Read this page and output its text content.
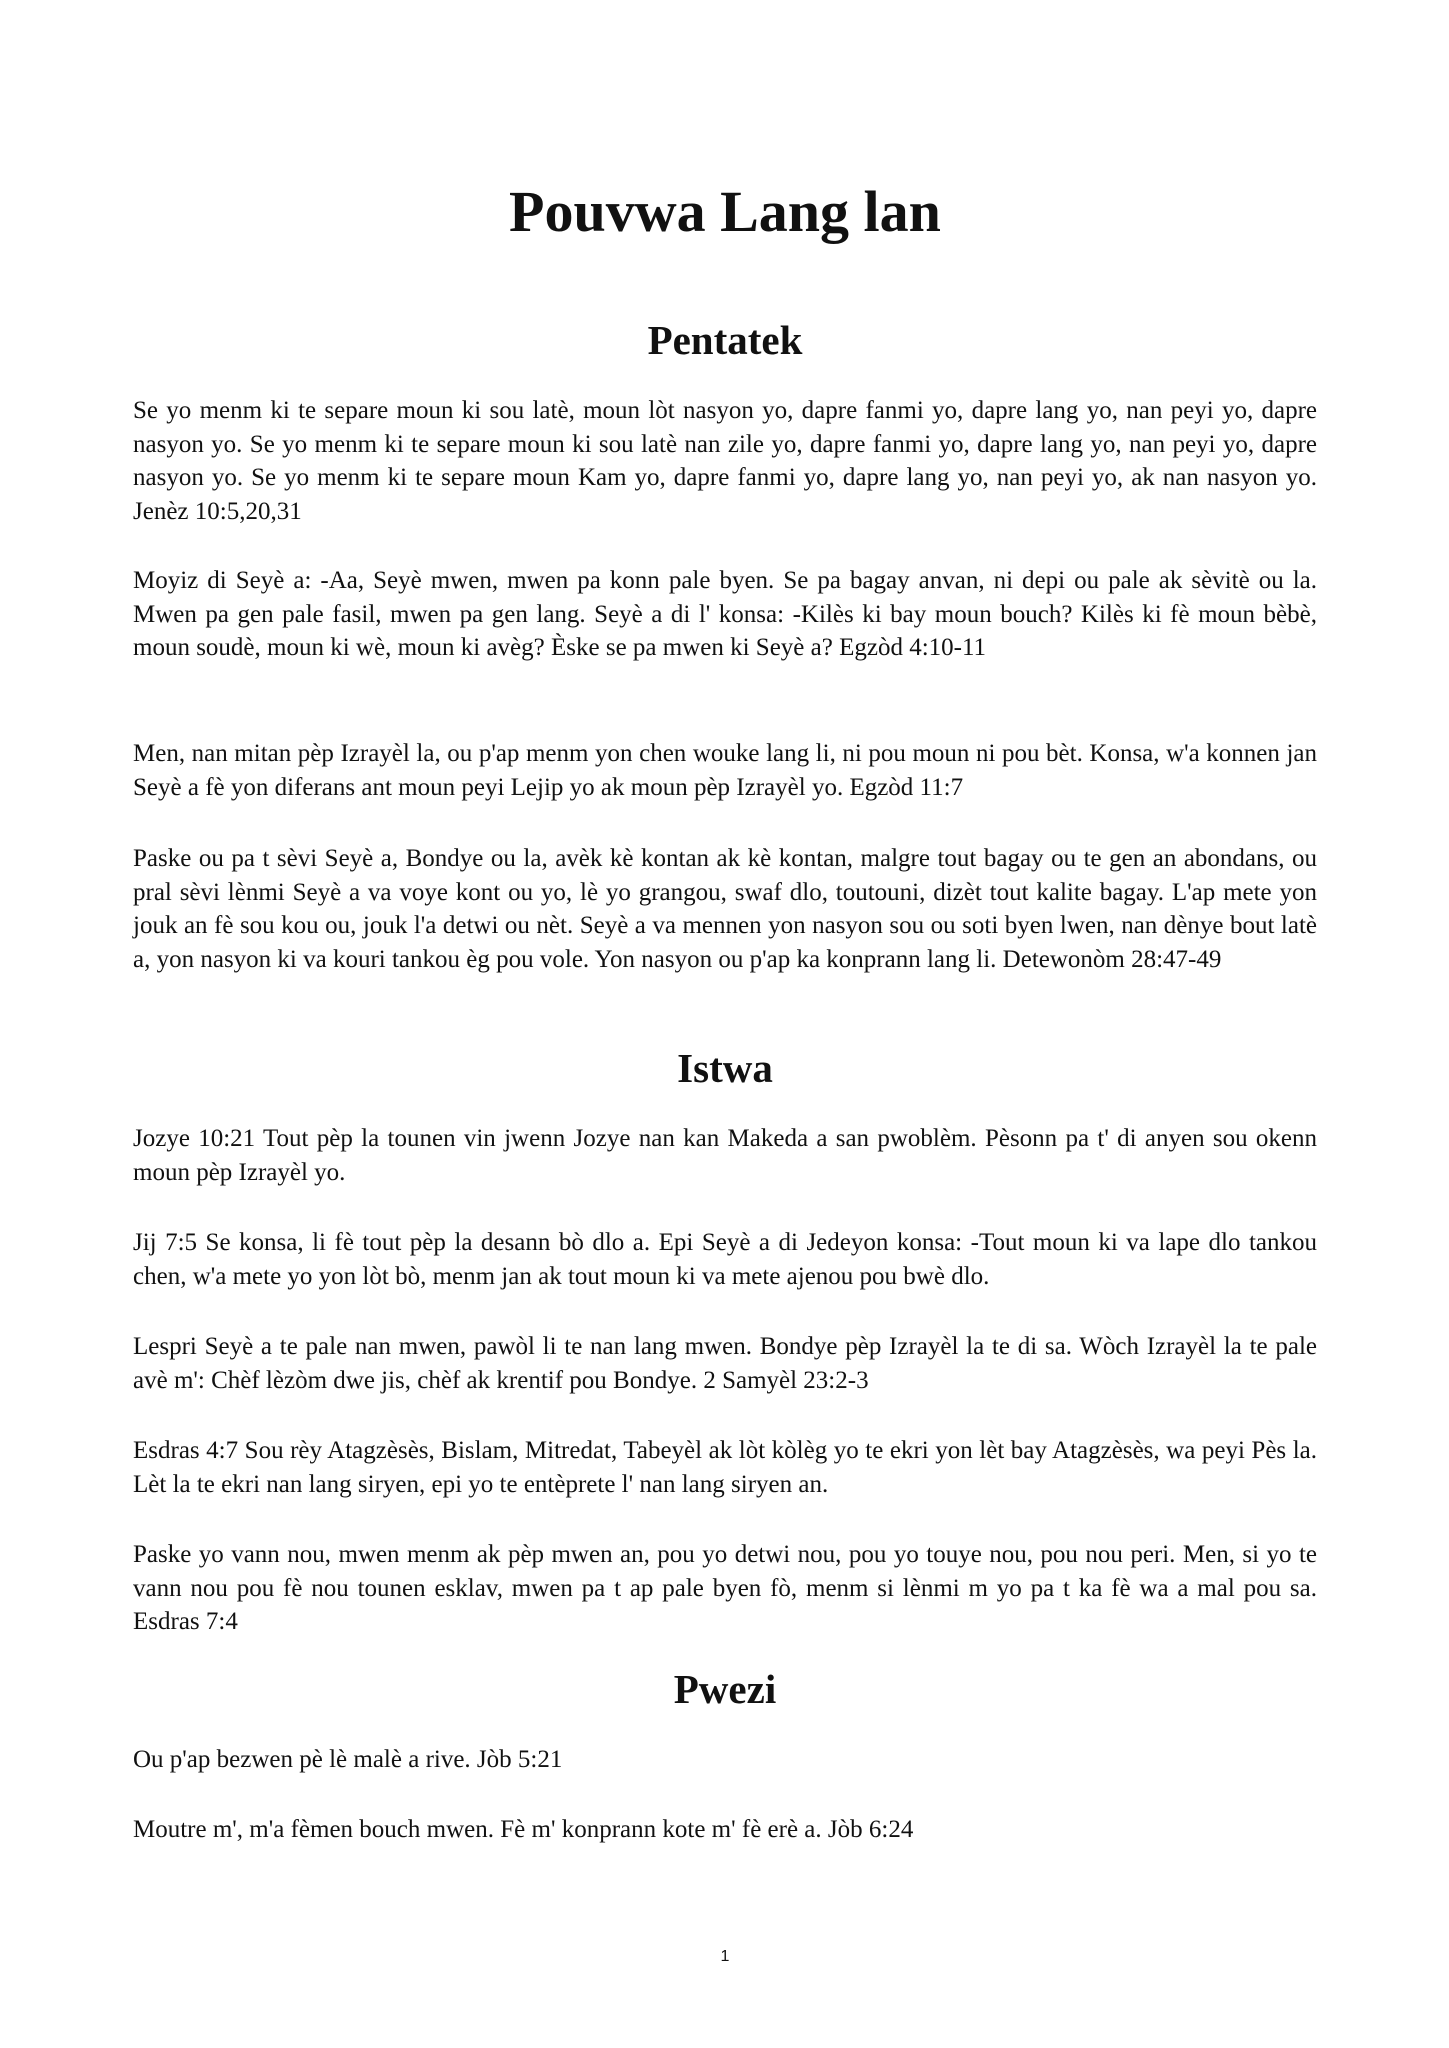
Pouvwa Lang lan
Pentatek

Se yo menm ki te separe moun ki sou latè, moun lòt nasyon yo, dapre fanmi yo, dapre lang yo, nan peyi yo, dapre nasyon yo. Se yo menm ki te separe moun ki sou latè nan zile yo, dapre fanmi yo, dapre lang yo, nan peyi yo, dapre nasyon yo. Se yo menm ki te separe moun Kam yo, dapre fanmi yo, dapre lang yo, nan peyi yo, ak nan nasyon yo. Jenèz 10:5,20,31

Moyiz di Seyè a: -Aa, Seyè mwen, mwen pa konn pale byen. Se pa bagay anvan, ni depi ou pale ak sèvitè ou la. Mwen pa gen pale fasil, mwen pa gen lang. Seyè a di l' konsa: -Kilès ki bay moun bouch? Kilès ki fè moun bèbè, moun soudè, moun ki wè, moun ki avèg? Èske se pa mwen ki Seyè a? Egzòd 4:10-11

Men, nan mitan pèp Izrayèl la, ou p'ap menm yon chen wouke lang li, ni pou moun ni pou bèt. Konsa, w'a konnen jan Seyè a fè yon diferans ant moun peyi Lejip yo ak moun pèp Izrayèl yo. Egzòd 11:7

Paske ou pa t sèvi Seyè a, Bondye ou la, avèk kè kontan ak kè kontan, malgre tout bagay ou te gen an abondans, ou pral sèvi lènmi Seyè a va voye kont ou yo, lè yo grangou, swaf dlo, toutouni, dizèt tout kalite bagay. L'ap mete yon jouk an fè sou kou ou, jouk l'a detwi ou nèt. Seyè a va mennen yon nasyon sou ou soti byen lwen, nan dènye bout latè a, yon nasyon ki va kouri tankou èg pou vole. Yon nasyon ou p'ap ka konprann lang li. Detewonòm 28:47-49

Istwa

Jozye 10:21 Tout pèp la tounen vin jwenn Jozye nan kan Makeda a san pwoblèm. Pèsonn pa t' di anyen sou okenn moun pèp Izrayèl yo.

Jij 7:5 Se konsa, li fè tout pèp la desann bò dlo a. Epi Seyè a di Jedeyon konsa: -Tout moun ki va lape dlo tankou chen, w'a mete yo yon lòt bò, menm jan ak tout moun ki va mete ajenou pou bwè dlo.

Lespri Seyè a te pale nan mwen, pawòl li te nan lang mwen. Bondye pèp Izrayèl la te di sa. Wòch Izrayèl la te pale avè m': Chèf lèzòm dwe jis, chèf ak krentif pou Bondye. 2 Samyèl 23:2-3

Esdras 4:7 Sou rèy Atagzèsès, Bislam, Mitredat, Tabeyèl ak lòt kòlèg yo te ekri yon lèt bay Atagzèsès, wa peyi Pès la. Lèt la te ekri nan lang siryen, epi yo te entèprete l' nan lang siryen an.

Paske yo vann nou, mwen menm ak pèp mwen an, pou yo detwi nou, pou yo touye nou, pou nou peri. Men, si yo te vann nou pou fè nou tounen esklav, mwen pa t ap pale byen fò, menm si lènmi m yo pa t ka fè wa a mal pou sa. Esdras 7:4

Pwezi

Ou p'ap bezwen pè lè malè a rive. Jòb 5:21

Moutre m', m'a fèmen bouch mwen. Fè m' konprann kote m' fè erè a. Jòb 6:24

1
